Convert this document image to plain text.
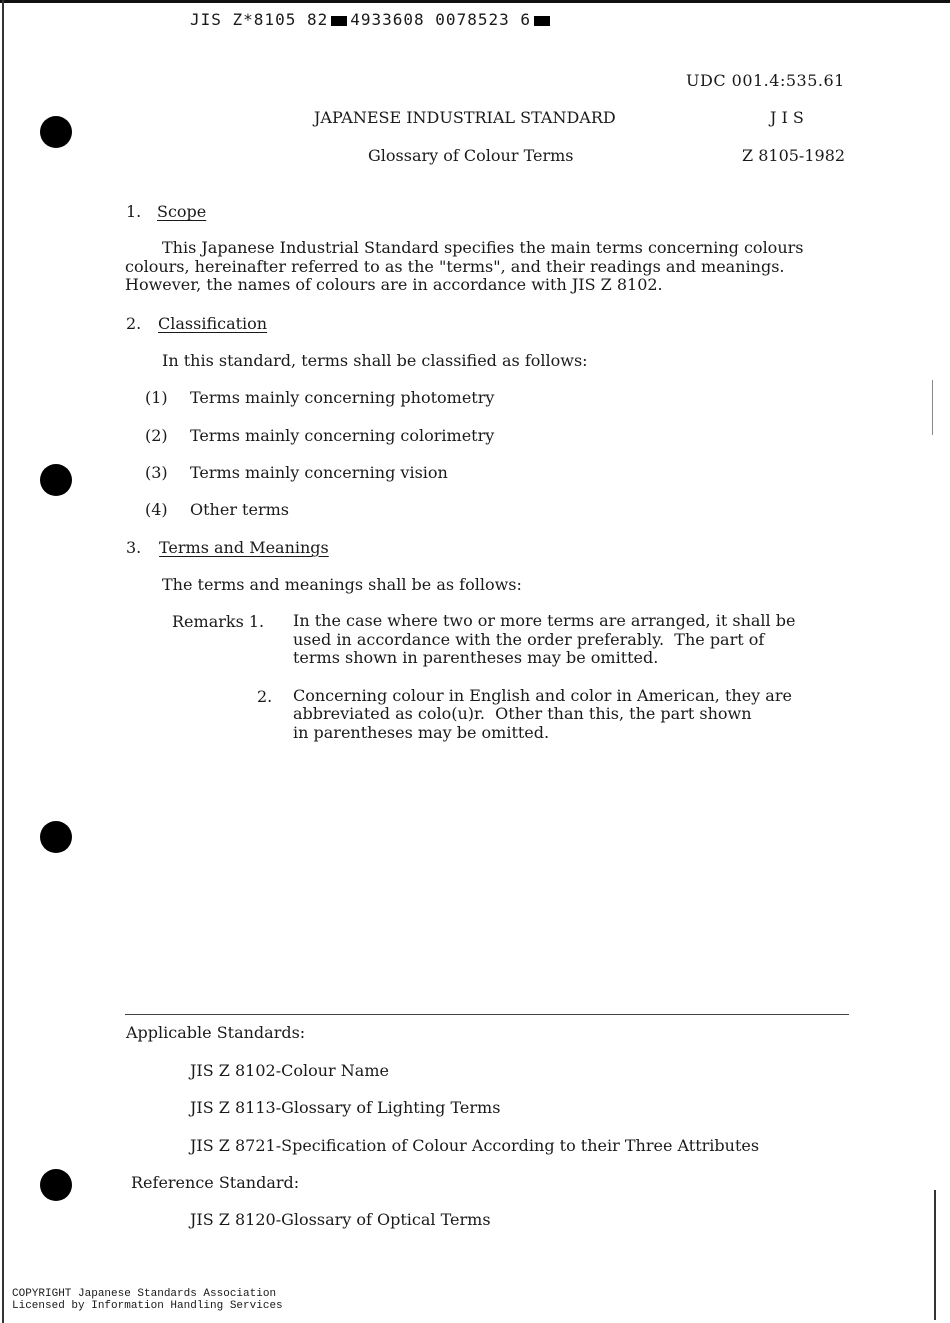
JIS Z*8105 82 4933608 0078523 6
UDC 001.4:535.61
JAPANESE INDUSTRIAL STANDARD	J I S
Glossary of Colour Terms	Z 8105-1982
1. Scope
This Japanese Industrial Standard specifies the main terms concerning colours
colours, hereinafter referred to as the "terms", and their readings and meanings.
However, the names of colours are in accordance with JIS Z 8102.
2. Classification
In this standard, terms shall be classified as follows:
(1) Terms mainly concerning photometry
(2) Terms mainly concerning colorimetry
(3) Terms mainly concerning vision
(4) Other terms
3. Terms and Meanings
The terms and meanings shall be as follows:
Remarks 1. In the case where two or more terms are arranged, it shall be
used in accordance with the order preferably.  The part of
terms shown in parentheses may be omitted.
2. Concerning colour in English and color in American, they are
abbreviated as colo(u)r.  Other than this, the part shown
in parentheses may be omitted.
Applicable Standards:
JIS Z 8102-Colour Name
JIS Z 8113-Glossary of Lighting Terms
JIS Z 8721-Specification of Colour According to their Three Attributes
Reference Standard:
JIS Z 8120-Glossary of Optical Terms
COPYRIGHT Japanese Standards Association
Licensed by Information Handling Services
